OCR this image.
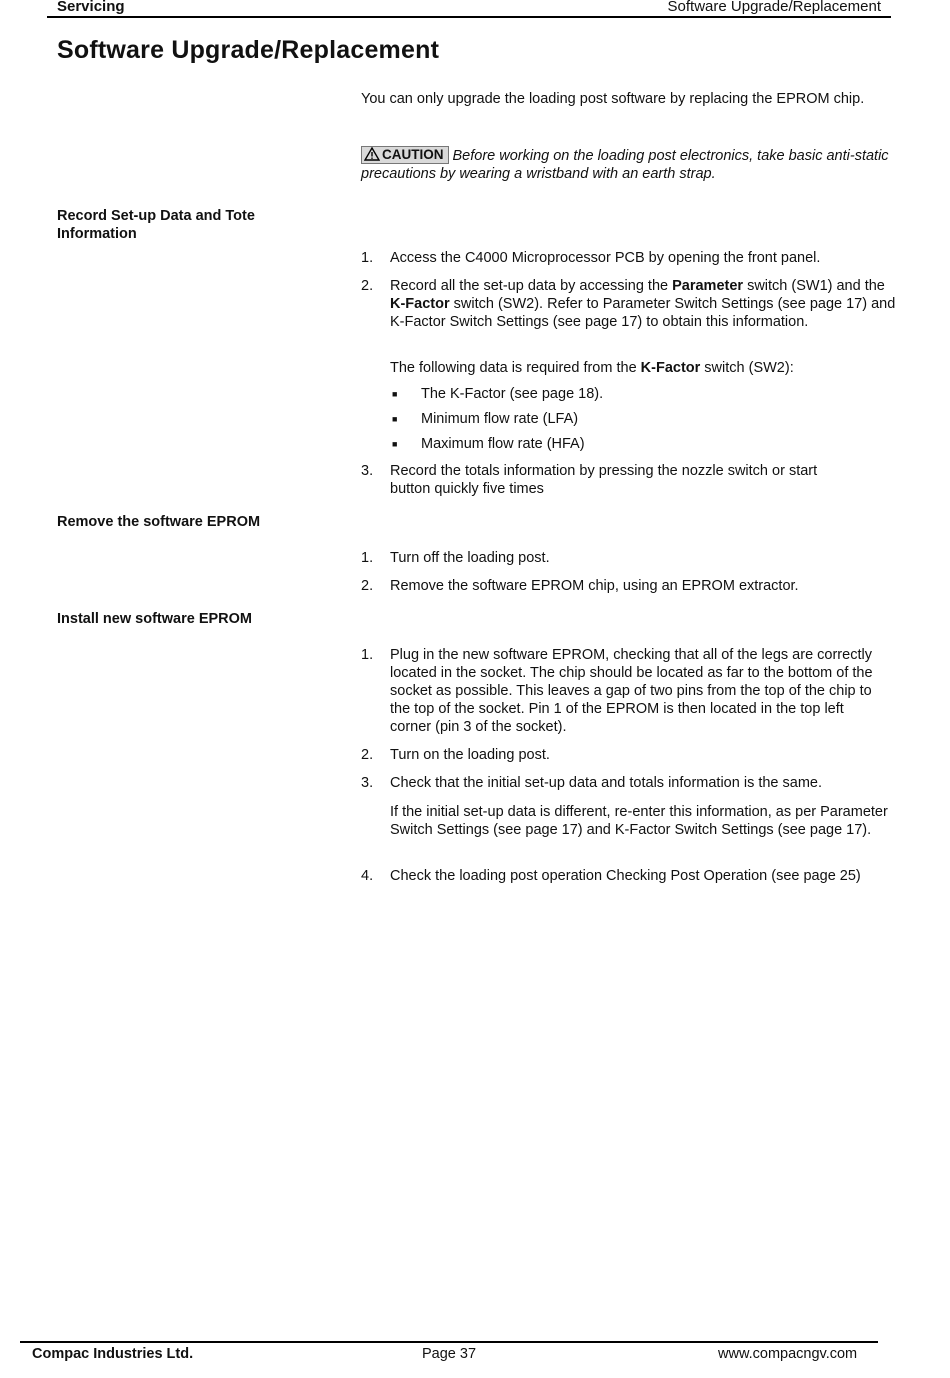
Servicing	Software Upgrade/Replacement
Software Upgrade/Replacement
You can only upgrade the loading post software by replacing the EPROM chip.
CAUTION Before working on the loading post electronics, take basic anti-static precautions by wearing a wristband with an earth strap.
Record Set-up Data and Tote Information
1. Access the C4000 Microprocessor PCB by opening the front panel.
2. Record all the set-up data by accessing the Parameter switch (SW1) and the K-Factor switch (SW2). Refer to Parameter Switch Settings (see page 17) and K-Factor Switch Settings (see page 17) to obtain this information.
The following data is required from the K-Factor switch (SW2):
■ The K-Factor (see page 18).
■ Minimum flow rate (LFA)
■ Maximum flow rate (HFA)
3. Record the totals information by pressing the nozzle switch or start button quickly five times
Remove the software EPROM
1. Turn off the loading post.
2. Remove the software EPROM chip, using an EPROM extractor.
Install new software EPROM
1. Plug in the new software EPROM, checking that all of the legs are correctly located in the socket. The chip should be located as far to the bottom of the socket as possible. This leaves a gap of two pins from the top of the chip to the top of the socket. Pin 1 of the EPROM is then located in the top left corner (pin 3 of the socket).
2. Turn on the loading post.
3. Check that the initial set-up data and totals information is the same.
If the initial set-up data is different, re-enter this information, as per Parameter Switch Settings (see page 17) and K-Factor Switch Settings (see page 17).
4. Check the loading post operation Checking Post Operation (see page 25)
Compac Industries Ltd.	Page 37	www.compacngv.com
